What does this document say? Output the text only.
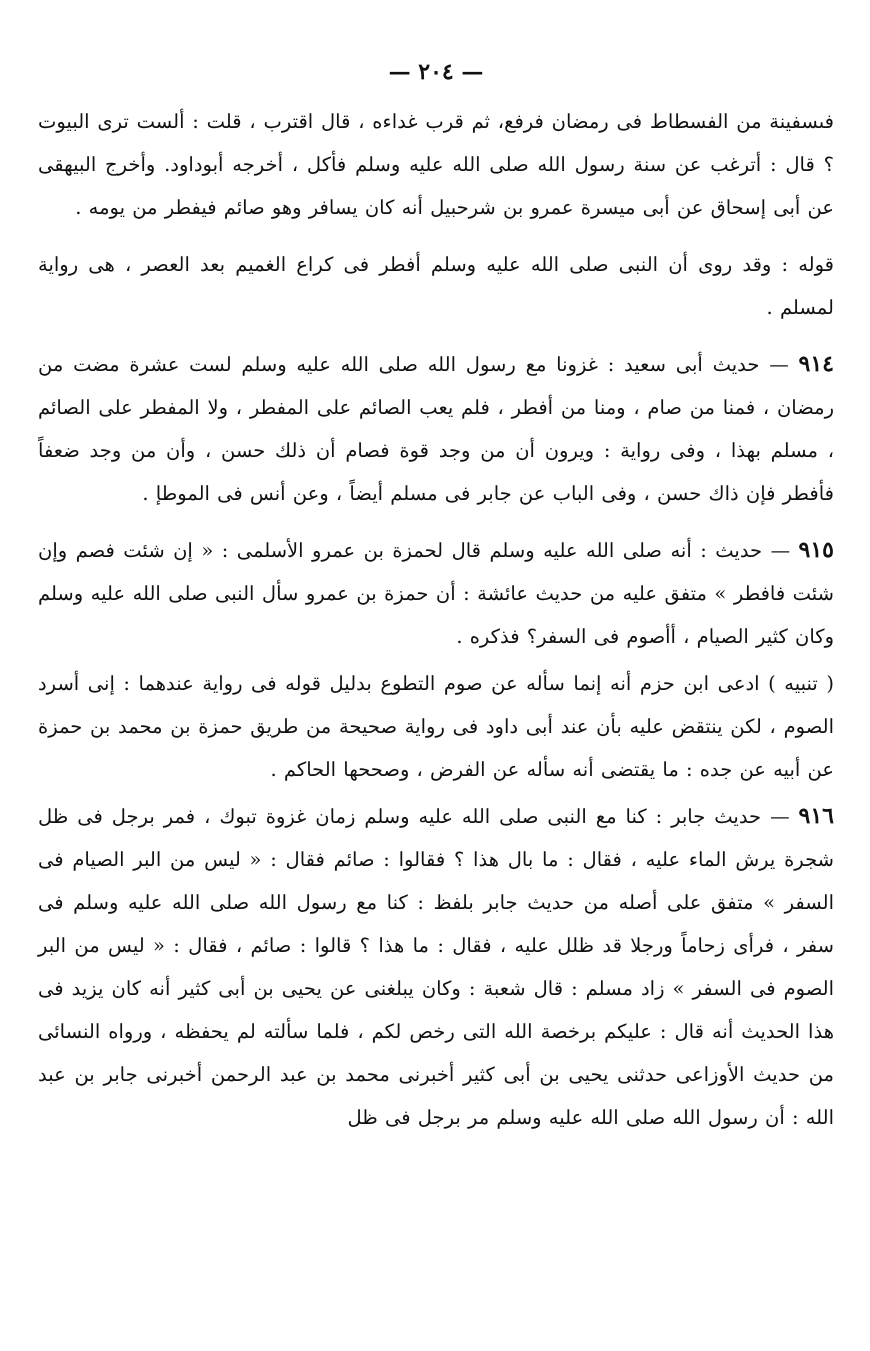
— ٢٠٤ —

فىسفينة من الفسطاط فى رمضان فرفع، ثم قرب غداءه ، قال اقترب ، قلت : ألست ترى البيوت ؟ قال : أترغب عن سنة رسول الله صلى الله عليه وسلم فأكل ، أخرجه أبوداود. وأخرج البيهقى عن أبى إسحاق عن أبى ميسرة عمرو بن شرحبيل أنه كان يسافر وهو صائم فيفطر من يومه .

قوله : وقد روى أن النبى صلى الله عليه وسلم أفطر فى كراع الغميم بعد العصر ، هى رواية لمسلم .

٩١٤ — حديث أبى سعيد : غزونا مع رسول الله صلى الله عليه وسلم لست عشرة مضت من رمضان ، فمنا من صام ، ومنا من أفطر ، فلم يعب الصائم على المفطر ، ولا المفطر على الصائم ، مسلم بهذا ، وفى رواية : ويرون أن من وجد قوة فصام أن ذلك حسن ، وأن من وجد ضعفاً فأفطر فإن ذاك حسن ، وفى الباب عن جابر فى مسلم أيضاً ، وعن أنس فى الموطإ .

٩١٥ — حديث : أنه صلى الله عليه وسلم قال لحمزة بن عمرو الأسلمى : « إن شئت فصم وإن شئت فافطر » متفق عليه من حديث عائشة : أن حمزة بن عمرو سأل النبى صلى الله عليه وسلم وكان كثير الصيام ، أأصوم فى السفر؟ فذكره .

( تنبيه ) ادعى ابن حزم أنه إنما سأله عن صوم التطوع بدليل قوله فى رواية عندهما : إنى أسرد الصوم ، لكن ينتقض عليه بأن عند أبى داود فى رواية صحيحة من طريق حمزة بن محمد بن حمزة عن أبيه عن جده : ما يقتضى أنه سأله عن الفرض ، وصححها الحاكم .

٩١٦ — حديث جابر : كنا مع النبى صلى الله عليه وسلم زمان غزوة تبوك ، فمر برجل فى ظل شجرة يرش الماء عليه ، فقال : ما بال هذا ؟ فقالوا : صائم فقال : « ليس من البر الصيام فى السفر » متفق على أصله من حديث جابر بلفظ : كنا مع رسول الله صلى الله عليه وسلم فى سفر ، فرأى زحاماً ورجلا قد ظلل عليه ، فقال : ما هذا ؟ قالوا : صائم ، فقال : « ليس من البر الصوم فى السفر » زاد مسلم : قال شعبة : وكان يبلغنى عن يحيى بن أبى كثير أنه كان يزيد فى هذا الحديث أنه قال : عليكم برخصة الله التى رخص لكم ، فلما سألته لم يحفظه ، ورواه النسائى من حديث الأوزاعى حدثنى يحيى بن أبى كثير أخبرنى محمد بن عبد الرحمن أخبرنى جابر بن عبد الله : أن رسول الله صلى الله عليه وسلم مر برجل فى ظل
